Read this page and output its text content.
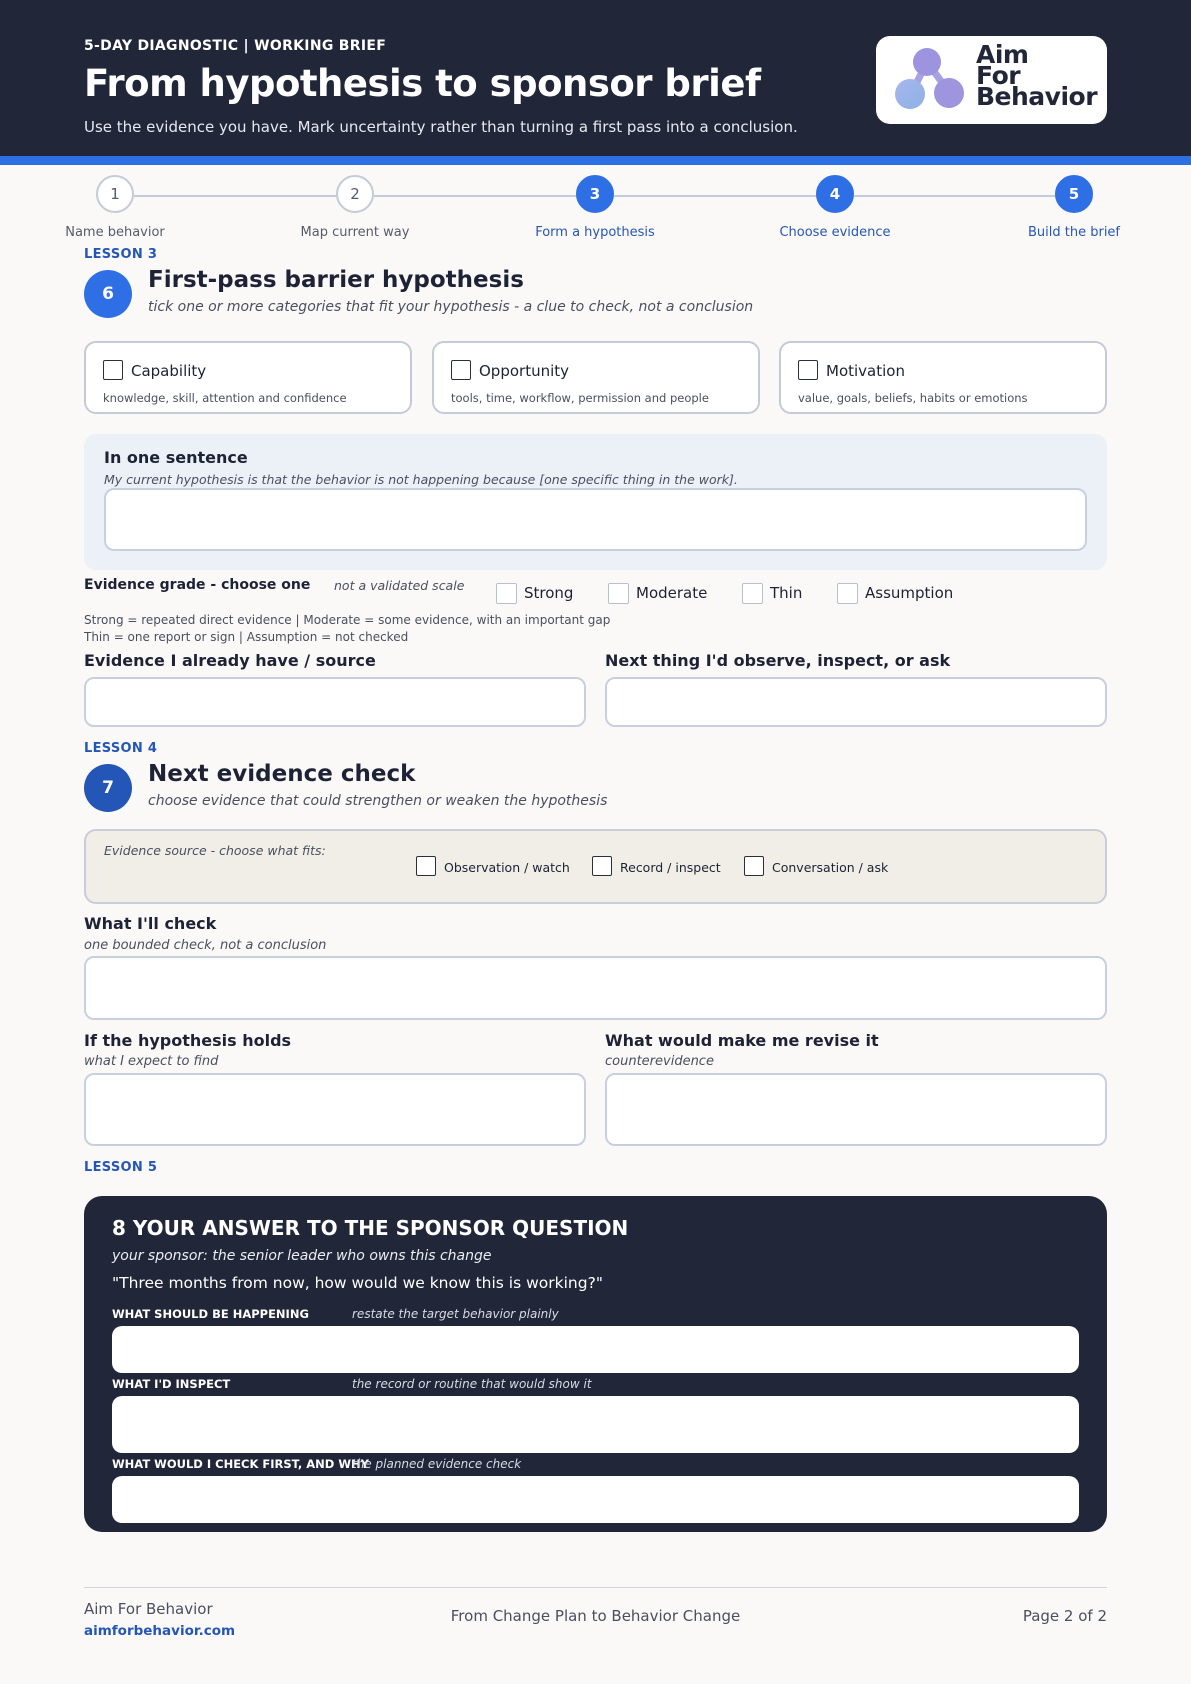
5-DAY DIAGNOSTIC | WORKING BRIEF
From hypothesis to sponsor brief
Use the evidence you have. Mark uncertainty rather than turning a first pass into a conclusion.
Aim
For
Behavior
1
Name behavior
2
Map current way
3
Form a hypothesis
4
Choose evidence
5
Build the brief
LESSON 3
6
First-pass barrier hypothesis
tick one or more categories that fit your hypothesis - a clue to check, not a conclusion
Capability
knowledge, skill, attention and confidence
Opportunity
tools, time, workflow, permission and people
Motivation
value, goals, beliefs, habits or emotions
In one sentence
My current hypothesis is that the behavior is not happening because [one specific thing in the work].
Evidence grade - choose one not a validated scale	Strong	Moderate	Thin	Assumption
Strong = repeated direct evidence | Moderate = some evidence, with an important gap
Thin = one report or sign | Assumption = not checked
Evidence I already have / source	Next thing I'd observe, inspect, or ask
LESSON 4
7
Next evidence check
choose evidence that could strengthen or weaken the hypothesis
Evidence source - choose what fits:
Observation / watch	Record / inspect	Conversation / ask
What I'll check
one bounded check, not a conclusion
If the hypothesis holds
what I expect to find
What would make me revise it
counterevidence
LESSON 5
8 YOUR ANSWER TO THE SPONSOR QUESTION
your sponsor: the senior leader who owns this change
"Three months from now, how would we know this is working?"
WHAT SHOULD BE HAPPENING	restate the target behavior plainly
WHAT I'D INSPECT	the record or routine that would show it
WHAT WOULD I CHECK FIRST, AND WHY
the planned evidence check
Aim For Behavior
aimforbehavior.com
From Change Plan to Behavior Change	Page 2 of 2
